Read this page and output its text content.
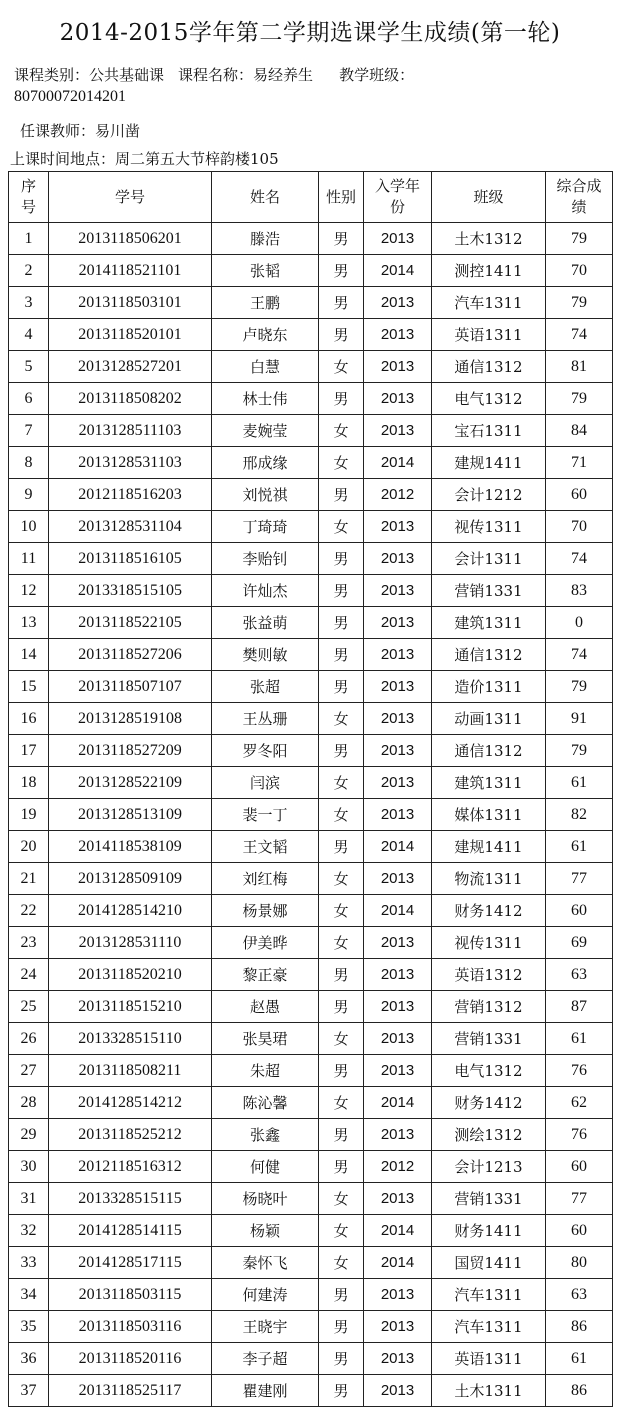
2014-2015学年第二学期选课学生成绩(第一轮)
课程类别：公共基础课 课程名称：易经养生 教学班级：
80700072014201
任课教师：易川凿
上课时间地点：周二第五大节梓韵楼105
序号	学号	姓名	性别	入学年份	班级	综合成绩
1	2013118506201	滕浩	男	2013	土木1312	79
2	2014118521101	张韬	男	2014	测控1411	70
3	2013118503101	王鹏	男	2013	汽车1311	79
4	2013118520101	卢晓东	男	2013	英语1311	74
5	2013128527201	白慧	女	2013	通信1312	81
6	2013118508202	林士伟	男	2013	电气1312	79
7	2013128511103	麦婉莹	女	2013	宝石1311	84
8	2013128531103	邢成缘	女	2014	建规1411	71
9	2012118516203	刘悦祺	男	2012	会计1212	60
10	2013128531104	丁琦琦	女	2013	视传1311	70
11	2013118516105	李贻钊	男	2013	会计1311	74
12	2013318515105	许灿杰	男	2013	营销1331	83
13	2013118522105	张益萌	男	2013	建筑1311	0
14	2013118527206	樊则敏	男	2013	通信1312	74
15	2013118507107	张超	男	2013	造价1311	79
16	2013128519108	王丛珊	女	2013	动画1311	91
17	2013118527209	罗冬阳	男	2013	通信1312	79
18	2013128522109	闫滨	女	2013	建筑1311	61
19	2013128513109	裴一丁	女	2013	媒体1311	82
20	2014118538109	王文韬	男	2014	建规1411	61
21	2013128509109	刘红梅	女	2013	物流1311	77
22	2014128514210	杨景娜	女	2014	财务1412	60
23	2013128531110	伊美晔	女	2013	视传1311	69
24	2013118520210	黎正豪	男	2013	英语1312	63
25	2013118515210	赵愚	男	2013	营销1312	87
26	2013328515110	张昊珺	女	2013	营销1331	61
27	2013118508211	朱超	男	2013	电气1312	76
28	2014128514212	陈沁馨	女	2014	财务1412	62
29	2013118525212	张鑫	男	2013	测绘1312	76
30	2012118516312	何健	男	2012	会计1213	60
31	2013328515115	杨晓叶	女	2013	营销1331	77
32	2014128514115	杨颖	女	2014	财务1411	60
33	2014128517115	秦怀飞	女	2014	国贸1411	80
34	2013118503115	何建涛	男	2013	汽车1311	63
35	2013118503116	王晓宇	男	2013	汽车1311	86
36	2013118520116	李子超	男	2013	英语1311	61
37	2013118525117	瞿建刚	男	2013	土木1311	86
